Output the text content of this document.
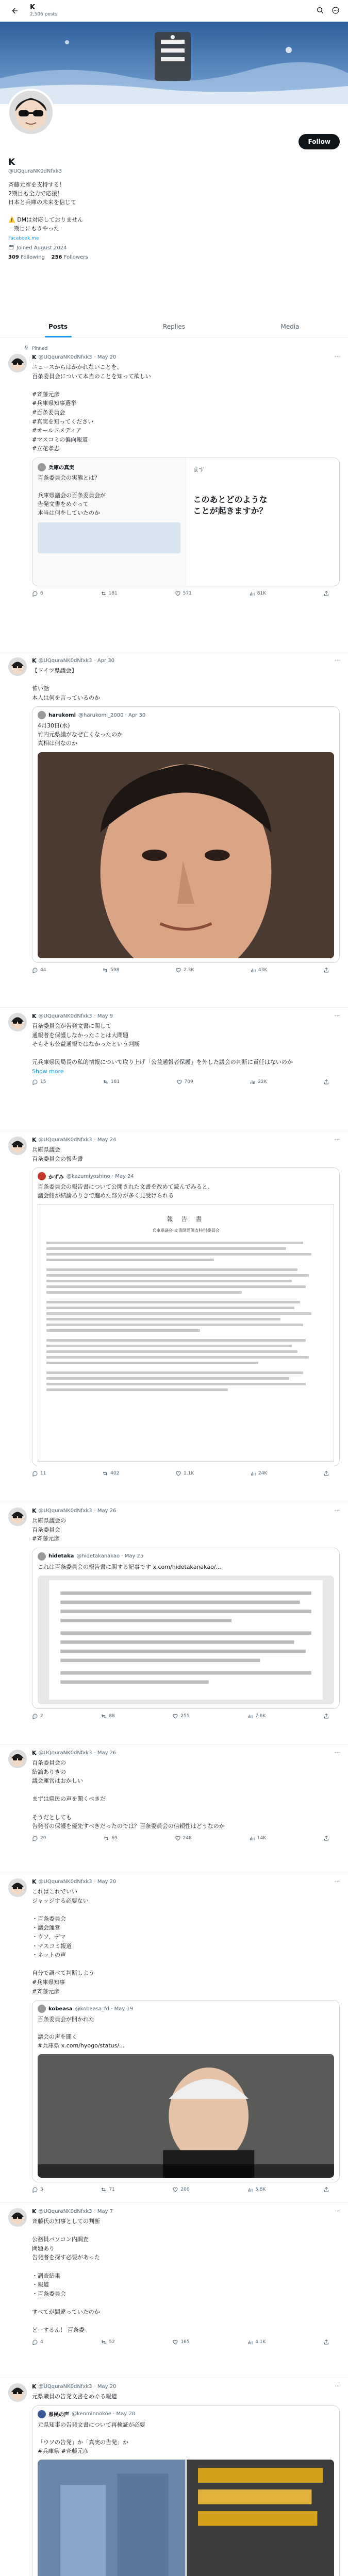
K
2,506 posts
Follow
K
@UQquraNK0dNfxk3
斉藤元彦を支持する！
2期目も全力で応援！
日本と兵庫の未来を信じて

⚠️ DMは対応しておりません
一期目にもうやった
Facebook.me
Joined August 2024
309 Following 256 Followers
Posts	Replies	Media
Pinned
K @UQquraNK0dNfxk3 · May 20	···
ニュースからはかかれないことを、
百条委員会について本当のことを知って欲しい

#斉藤元彦
#兵庫県知事選挙
#百条委員会
#真実を知ってください
#オールドメディア
#マスコミの偏向報道
#立花孝志
兵庫の真実
百条委員会の実態とは？

兵庫県議会の百条委員会が
告発文書をめぐって
本当は何をしていたのか
まず
このあとどのような
ことが起きますか？
6	181	571	81K
K @UQquraNK0dNfxk3 · Apr 30	···
【ドイツ県議会】

怖い話
本人は何を言っているのか
harukomi @harukomi_2000 · Apr 30
4月30日(水)
竹内元県議がなぜ亡くなったのか
真相は何なのか
44	598	2.3K	43K
K @UQquraNK0dNfxk3 · May 9	···
百条委員会が告発文書に関して
通報者を保護しなかったことは大問題
そもそも公益通報ではなかったという判断

元兵庫県民局長の私的情報について取り上げ「公益通報者保護」を外した議会の判断に責任はないのか
Show more
15	181	709	22K
K @UQquraNK0dNfxk3 · May 24	···
兵庫県議会
百条委員会の報告書
かずみ @kazumiyoshino · May 24
百条委員会の報告書について公開された文書を改めて読んでみると、
議会側が結論ありきで進めた部分が多く見受けられる
報 告 書
兵庫県議会 文書問題調査特別委員会
11	402	1.1K	24K
K @UQquraNK0dNfxk3 · May 26	···
兵庫県議会の
百条委員会
#斉藤元彦
hidetaka @hidetakanakao · May 25
これは百条委員会の報告書に関する記事です x.com/hidetakanakao/...
2	88	255	7.6K
K @UQquraNK0dNfxk3 · May 26	···
百条委員会の
結論ありきの
議会運営はおかしい

まずは県民の声を聞くべきだ

そうだとしても
告発者の保護を優先すべきだったのでは？百条委員会の信頼性はどうなのか
20	69	248	14K
K @UQquraNK0dNfxk3 · May 20	···
これはこれでいい
ジャッジする必要ない

・百条委員会
・議会運営
・ウソ、デマ
・マスコミ報道
・ネットの声

自分で調べて判断しよう
#兵庫県知事
#斉藤元彦
kobeasa @kobeasa_fd · May 19
百条委員会が開かれた

議会の声を聞く
#兵庫県 x.com/hyogo/status/...
3	71	200	5.8K
K @UQquraNK0dNfxk3 · May 7	···
斉藤氏の知事としての判断

公務員パソコン内調査
問題あり
告発者を探す必要があった

・調査結果
・報道
・百条委員会

すべてが間違っていたのか

どーするん！ 百条委
4	52	165	4.1K
K @UQquraNK0dNfxk3 · May 20	···
元県職員の告発文書をめぐる報道
県民の声 @kenminnokoe · May 20
元県知事の告発文書について再検証が必要

「ウソの告発」か「真実の告発」か
#兵庫県 #斉藤元彦
